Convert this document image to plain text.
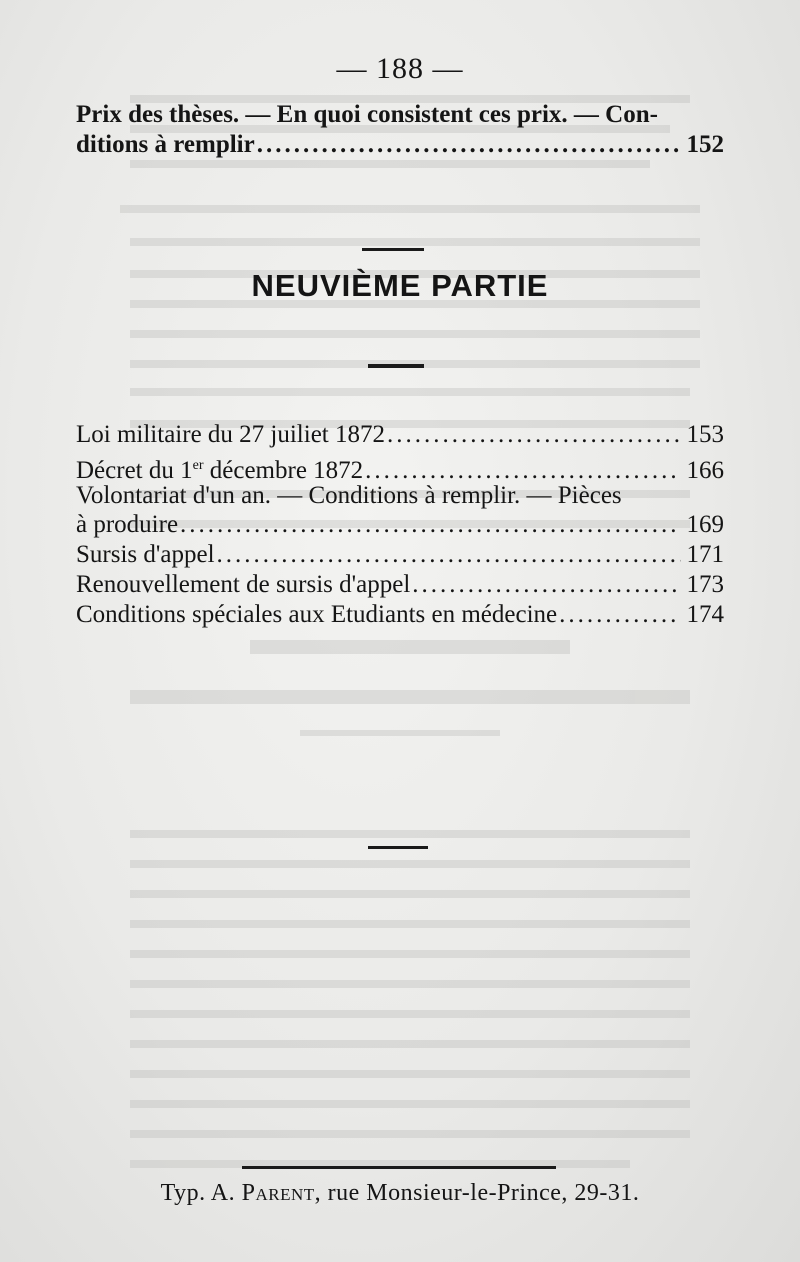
— 188 —
Prix des thèses. — En quoi consistent ces prix. — Con-
ditions à remplir .....	152
NEUVIÈME PARTIE
Loi militaire du 27 juiliet 1872 .....	153
Décret du 1er décembre 1872 .....	166
Volontariat d'un an. — Conditions à remplir. — Pièces
à produire .....	169
Sursis d'appel .....	171
Renouvellement de sursis d'appel .....	173
Conditions spéciales aux Etudiants en médecine .....	174
Typ. A. Parent, rue Monsieur-le-Prince, 29-31.
